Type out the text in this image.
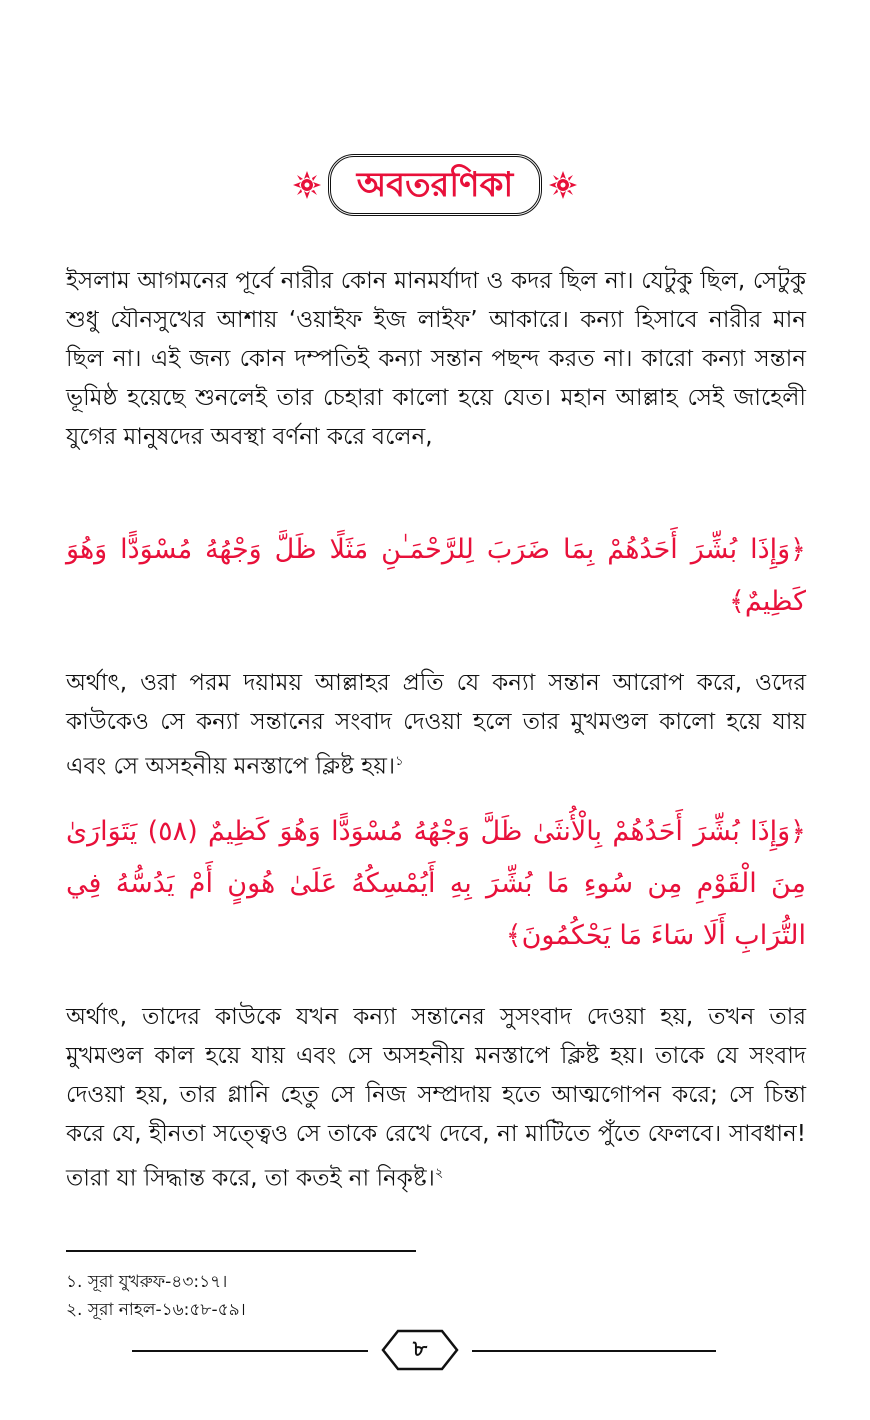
অবতরণিকা

ইসলাম আগমনের পূর্বে নারীর কোন মানমর্যাদা ও কদর ছিল না। যেটুকু ছিল, সেটুকু শুধু যৌনসুখের আশায় ‘ওয়াইফ ইজ লাইফ’ আকারে। কন্যা হিসাবে নারীর মান ছিল না। এই জন্য কোন দম্পতিই কন্যা সন্তান পছন্দ করত না। কারো কন্যা সন্তান ভূমিষ্ঠ হয়েছে শুনলেই তার চেহারা কালো হয়ে যেত। মহান আল্লাহ সেই জাহেলী যুগের মানুষদের অবস্থা বর্ণনা করে বলেন,

﴿وَإِذَا بُشِّرَ أَحَدُهُمْ بِمَا ضَرَبَ لِلرَّحْمَـٰنِ مَثَلًا ظَلَّ وَجْهُهُ مُسْوَدًّا وَهُوَ كَظِيمٌ﴾

অর্থাৎ, ওরা পরম দয়াময় আল্লাহর প্রতি যে কন্যা সন্তান আরোপ করে, ওদের কাউকেও সে কন্যা সন্তানের সংবাদ দেওয়া হলে তার মুখমণ্ডল কালো হয়ে যায় এবং সে অসহনীয় মনস্তাপে ক্লিষ্ট হয়।$^১$

﴿وَإِذَا بُشِّرَ أَحَدُهُمْ بِالْأُنثَىٰ ظَلَّ وَجْهُهُ مُسْوَدًّا وَهُوَ كَظِيمٌ (٥٨) يَتَوَارَىٰ مِنَ الْقَوْمِ مِن سُوءِ مَا بُشِّرَ بِهِ أَيُمْسِكُهُ عَلَىٰ هُونٍ أَمْ يَدُسُّهُ فِي التُّرَابِ أَلَا سَاءَ مَا يَحْكُمُونَ﴾

অর্থাৎ, তাদের কাউকে যখন কন্যা সন্তানের সুসংবাদ দেওয়া হয়, তখন তার মুখমণ্ডল কাল হয়ে যায় এবং সে অসহনীয় মনস্তাপে ক্লিষ্ট হয়। তাকে যে সংবাদ দেওয়া হয়, তার গ্লানি হেতু সে নিজ সম্প্রদায় হতে আত্মগোপন করে; সে চিন্তা করে যে, হীনতা সত্ত্বেও সে তাকে রেখে দেবে, না মাটিতে পুঁতে ফেলবে। সাবধান! তারা যা সিদ্ধান্ত করে, তা কতই না নিকৃষ্ট।$^২$

১. সূরা যুখরুফ-৪৩:১৭।

২. সূরা নাহল-১৬:৫৮-৫৯।

৮
